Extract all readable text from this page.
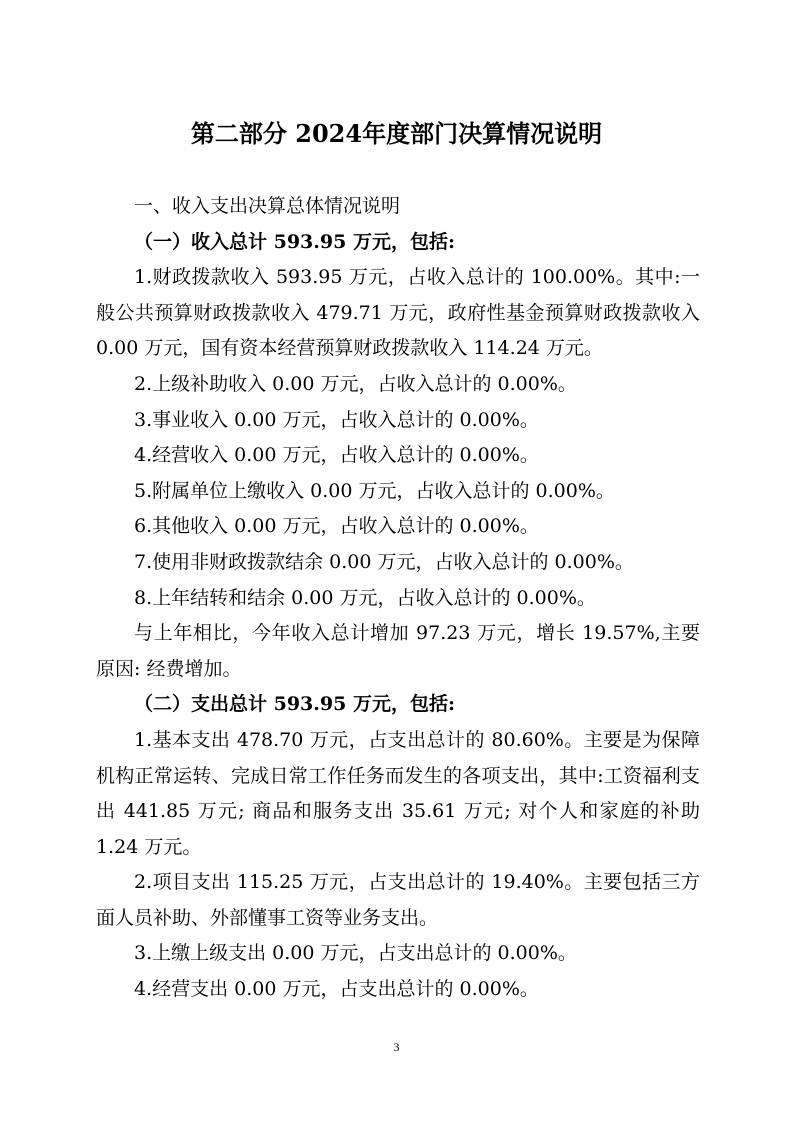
第二部分 2024年度部门决算情况说明

一、收入支出决算总体情况说明

（一）收入总计 593.95 万元，包括:

1.财政拨款收入 593.95 万元，占收入总计的 100.00%。其中:一般公共预算财政拨款收入 479.71 万元，政府性基金预算财政拨款收入 0.00 万元，国有资本经营预算财政拨款收入 114.24 万元。

2.上级补助收入 0.00 万元，占收入总计的 0.00%。

3.事业收入 0.00 万元，占收入总计的 0.00%。

4.经营收入 0.00 万元，占收入总计的 0.00%。

5.附属单位上缴收入 0.00 万元，占收入总计的 0.00%。

6.其他收入 0.00 万元，占收入总计的 0.00%。

7.使用非财政拨款结余 0.00 万元，占收入总计的 0.00%。

8.上年结转和结余 0.00 万元，占收入总计的 0.00%。

与上年相比，今年收入总计增加 97.23 万元，增长 19.57%,主要原因: 经费增加。

（二）支出总计 593.95 万元，包括:

1.基本支出 478.70 万元，占支出总计的 80.60%。主要是为保障机构正常运转、完成日常工作任务而发生的各项支出，其中:工资福利支出 441.85 万元; 商品和服务支出 35.61 万元; 对个人和家庭的补助 1.24 万元。

2.项目支出 115.25 万元，占支出总计的 19.40%。主要包括三方面人员补助、外部懂事工资等业务支出。

3.上缴上级支出 0.00 万元，占支出总计的 0.00%。

4.经营支出 0.00 万元，占支出总计的 0.00%。

3
